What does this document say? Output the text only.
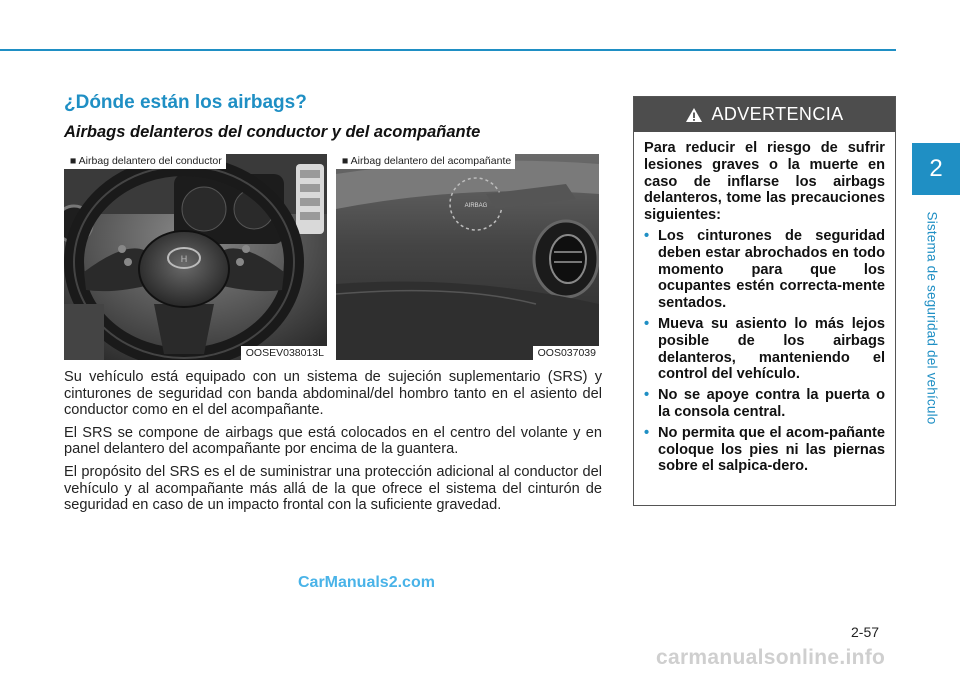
2
Sistema de seguridad del vehículo
¿Dónde están los airbags?
Airbags delanteros del conductor y del acompañante
H
■ Airbag delantero del conductor
OOSEV038013L
AIRBAG
■ Airbag delantero del acompañante
OOS037039

Su vehículo está equipado con un sistema de sujeción suplementario (SRS) y cinturones de seguridad con banda abdominal/del hombro tanto en el asiento del conductor como en el del acompañante.

El SRS se compone de airbags que está colocados en el centro del volante y en panel delantero del acompañante por encima de la guantera.

El propósito del SRS es el de suministrar una protección adicional al conductor del vehículo y al acompañante más allá de la que ofrece el sistema del cinturón de seguridad en caso de un impacto frontal con la suficiente gravedad.

ADVERTENCIA

Para reducir el riesgo de sufrir lesiones graves o la muerte en caso de inflarse los airbags delanteros, tome las precauciones siguientes:

• Los cinturones de seguridad deben estar abrochados en todo momento para que los ocupantes estén correcta-mente sentados.
• Mueva su asiento lo más lejos posible de los airbags delanteros, manteniendo el control del vehículo.
• No se apoye contra la puerta o la consola central.
• No permita que el acom-pañante coloque los pies ni las piernas sobre el salpica-dero.
CarManuals2.com
2-57
carmanualsonline.info
